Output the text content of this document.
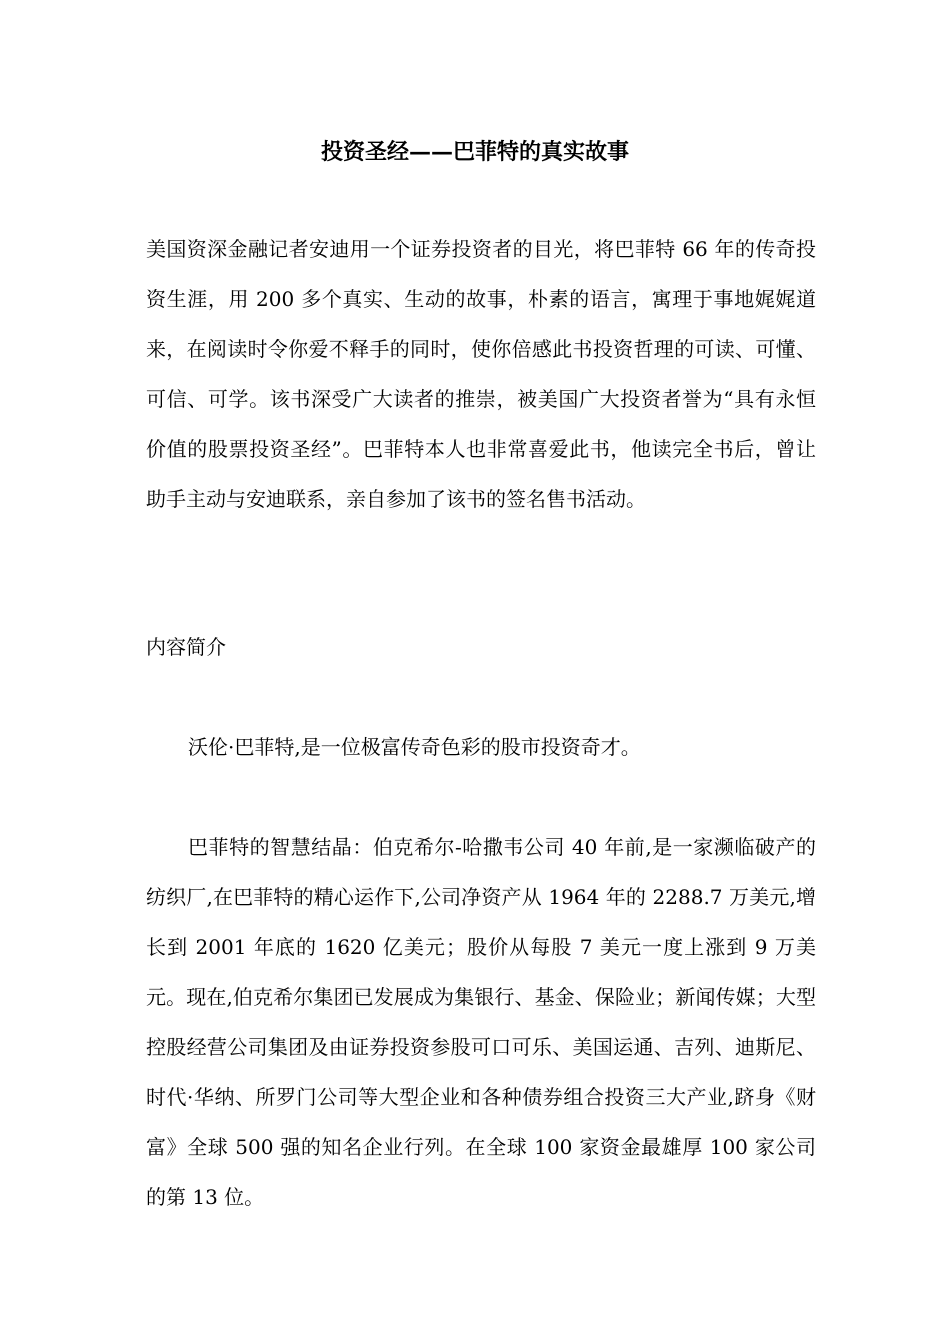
投资圣经——巴菲特的真实故事

美国资深金融记者安迪用一个证券投资者的目光，将巴菲特 66 年的传奇投资生涯，用 200 多个真实、生动的故事，朴素的语言，寓理于事地娓娓道来，在阅读时令你爱不释手的同时，使你倍感此书投资哲理的可读、可懂、可信、可学。该书深受广大读者的推崇，被美国广大投资者誉为“具有永恒价值的股票投资圣经”。巴菲特本人也非常喜爱此书，他读完全书后，曾让助手主动与安迪联系，亲自参加了该书的签名售书活动。

内容简介

沃伦·巴菲特,是一位极富传奇色彩的股市投资奇才。

巴菲特的智慧结晶：伯克希尔-哈撒韦公司 40 年前,是一家濒临破产的纺织厂,在巴菲特的精心运作下,公司净资产从 1964 年的 2288.7 万美元,增长到 2001 年底的 1620 亿美元；股价从每股 7 美元一度上涨到 9 万美元。现在,伯克希尔集团已发展成为集银行、基金、保险业；新闻传媒；大型控股经营公司集团及由证券投资参股可口可乐、美国运通、吉列、迪斯尼、时代·华纳、所罗门公司等大型企业和各种债券组合投资三大产业,跻身《财富》全球 500 强的知名企业行列。在全球 100 家资金最雄厚 100 家公司的第 13 位。
